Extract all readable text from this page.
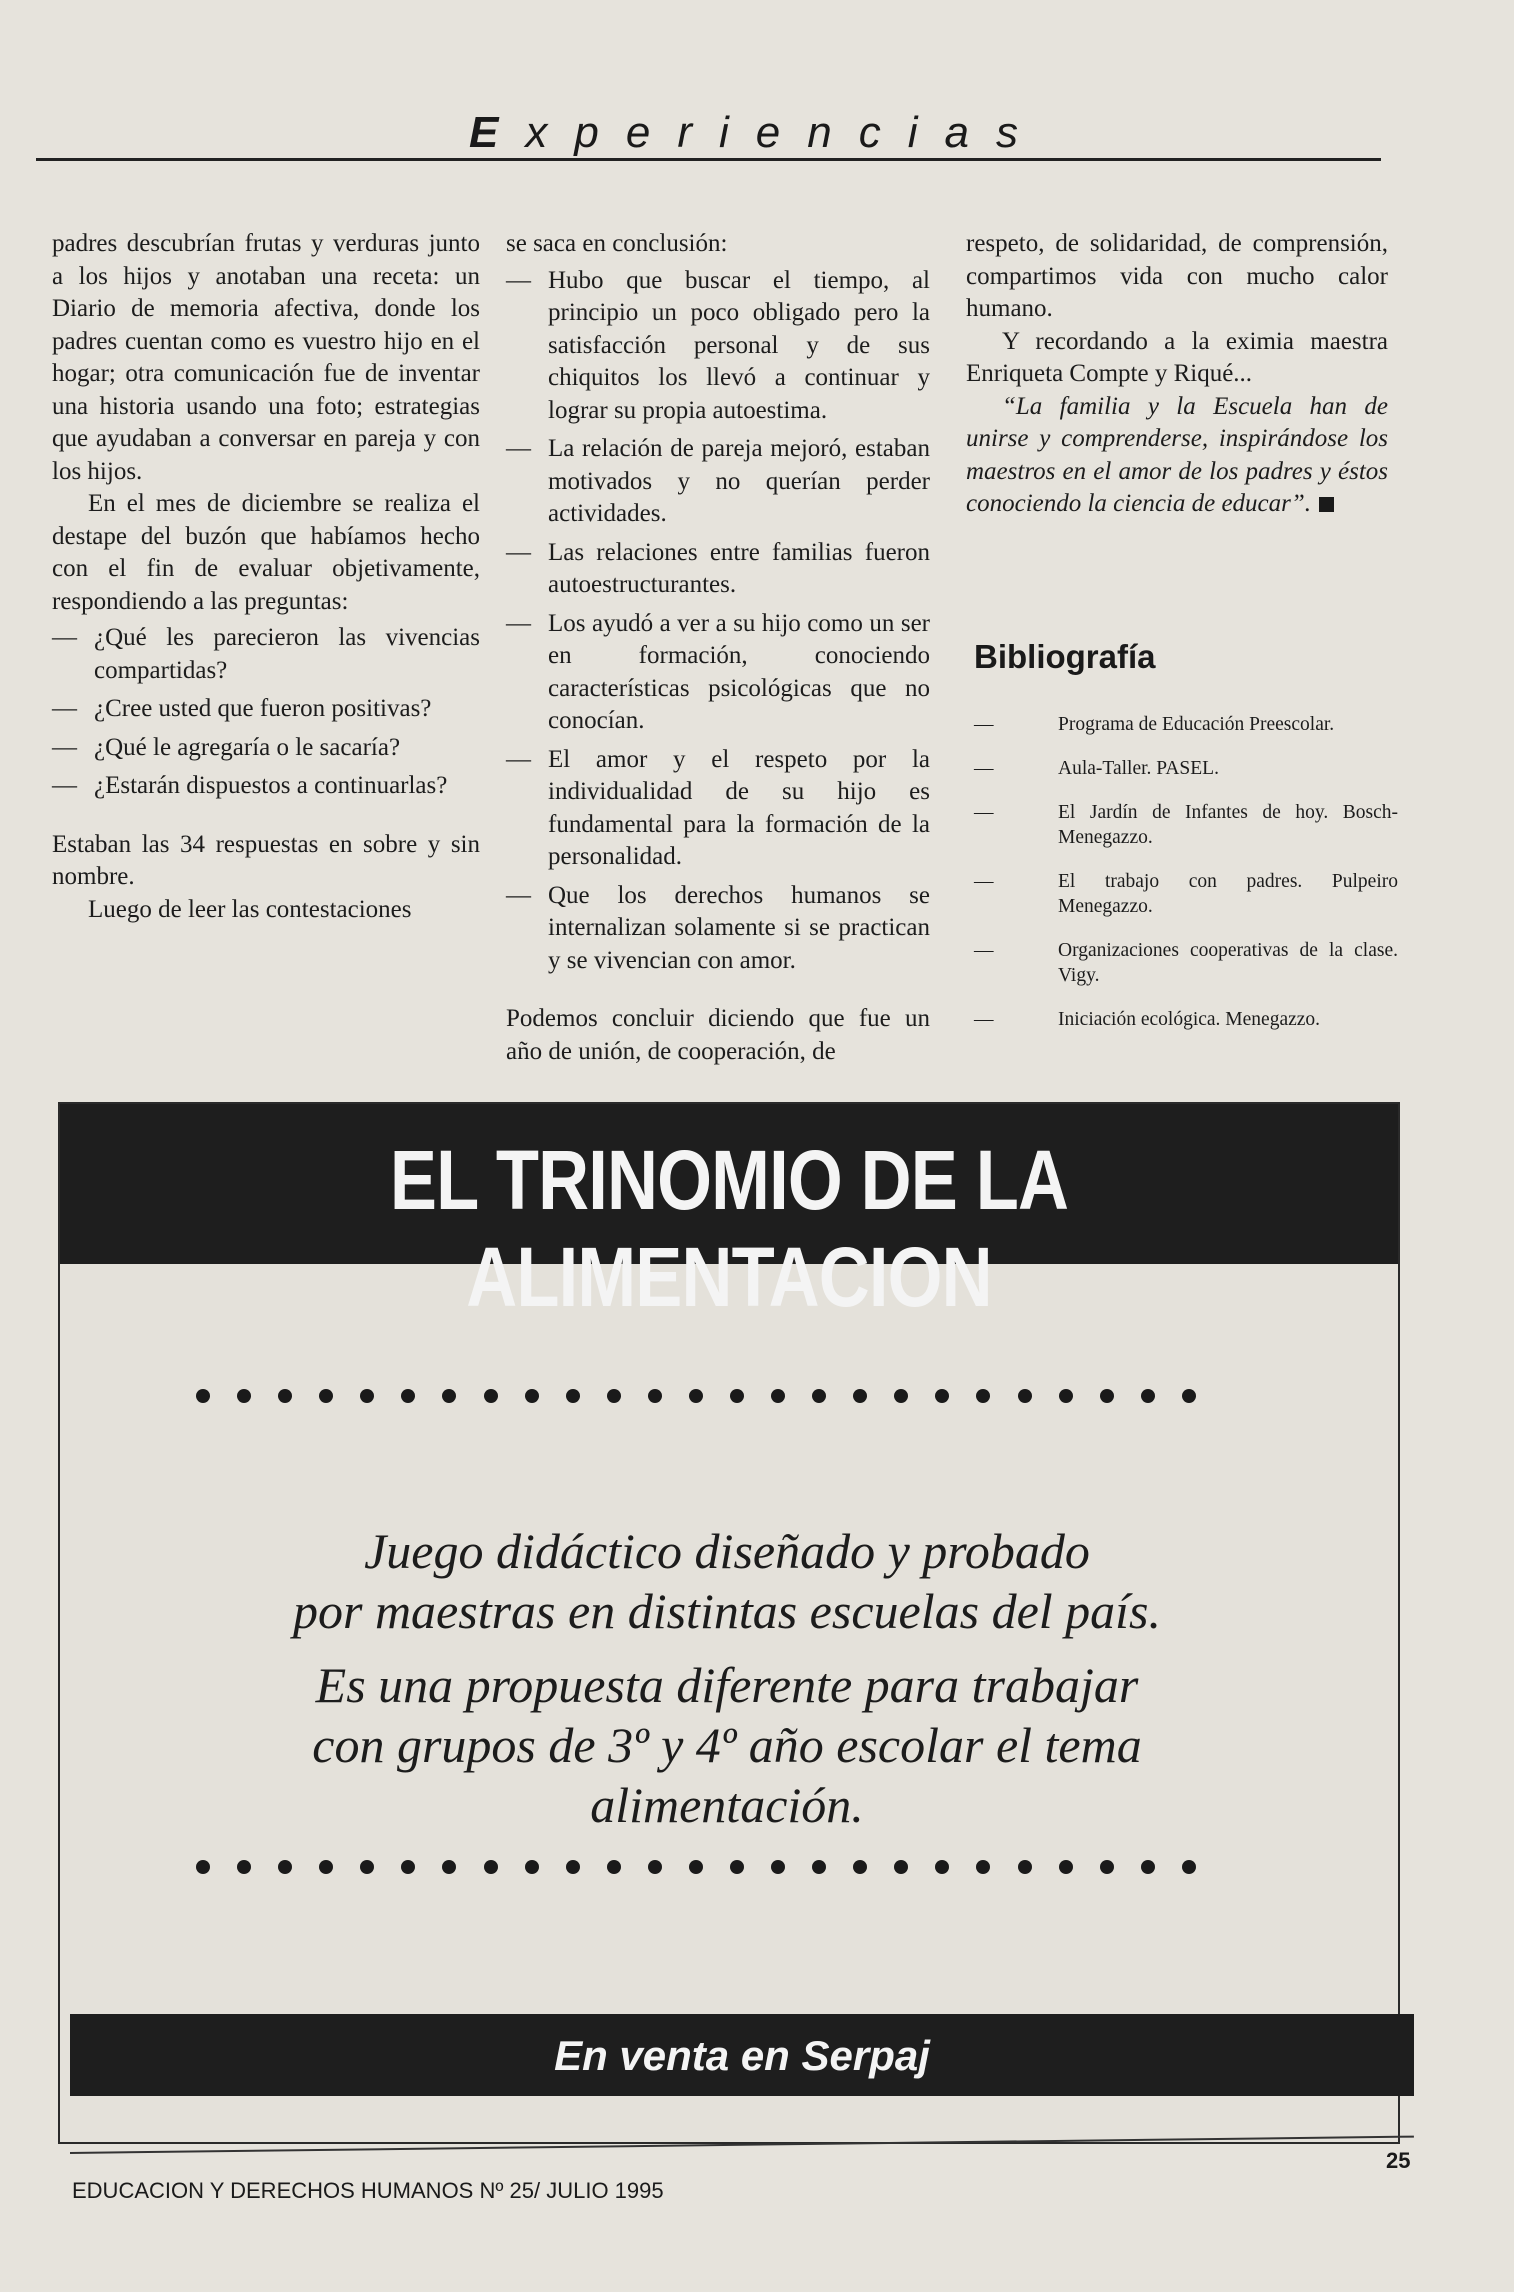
Experiencias

padres descubrían frutas y verduras junto a los hijos y anotaban una receta: un Diario de memoria afectiva, donde los padres cuentan como es vuestro hijo en el hogar; otra comunicación fue de inventar una historia usando una foto; estrategias que ayudaban a conversar en pareja y con los hijos.

En el mes de diciembre se realiza el destape del buzón que habíamos hecho con el fin de evaluar objetivamente, respondiendo a las preguntas:

— ¿Qué les parecieron las vivencias compartidas?
— ¿Cree usted que fueron positivas?
— ¿Qué le agregaría o le sacaría?
— ¿Estarán dispuestos a continuarlas?

Estaban las 34 respuestas en sobre y sin nombre.

Luego de leer las contestaciones

se saca en conclusión:

— Hubo que buscar el tiempo, al principio un poco obligado pero la satisfacción personal y de sus chiquitos los llevó a continuar y lograr su propia autoestima.
— La relación de pareja mejoró, estaban motivados y no querían perder actividades.
— Las relaciones entre familias fueron autoestructurantes.
— Los ayudó a ver a su hijo como un ser en formación, conociendo características psicológicas que no conocían.
— El amor y el respeto por la individualidad de su hijo es fundamental para la formación de la personalidad.
— Que los derechos humanos se internalizan solamente si se practican y se vivencian con amor.

Podemos concluir diciendo que fue un año de unión, de cooperación, de

respeto, de solidaridad, de comprensión, compartimos vida con mucho calor humano.

Y recordando a la eximia maestra Enriqueta Compte y Riqué...

“La familia y la Escuela han de unirse y comprenderse, inspirándose los maestros en el amor de los padres y éstos conociendo la ciencia de educar”.

Bibliografía
—	Programa de Educación Preescolar.
—	Aula-Taller. PASEL.
—	El Jardín de Infantes de hoy. Bosch-Menegazzo.
—	El trabajo con padres. Pulpeiro Menegazzo.
—	Organizaciones cooperativas de la clase. Vigy.
—	Iniciación ecológica. Menegazzo.
EL TRINOMIO DE LA ALIMENTACION
Juego didáctico diseñado y probado
por maestras en distintas escuelas del país.
Es una propuesta diferente para trabajar
con grupos de 3º y 4º año escolar el tema
alimentación.
En venta en Serpaj
EDUCACION Y DERECHOS HUMANOS Nº 25/ JULIO 1995
25
